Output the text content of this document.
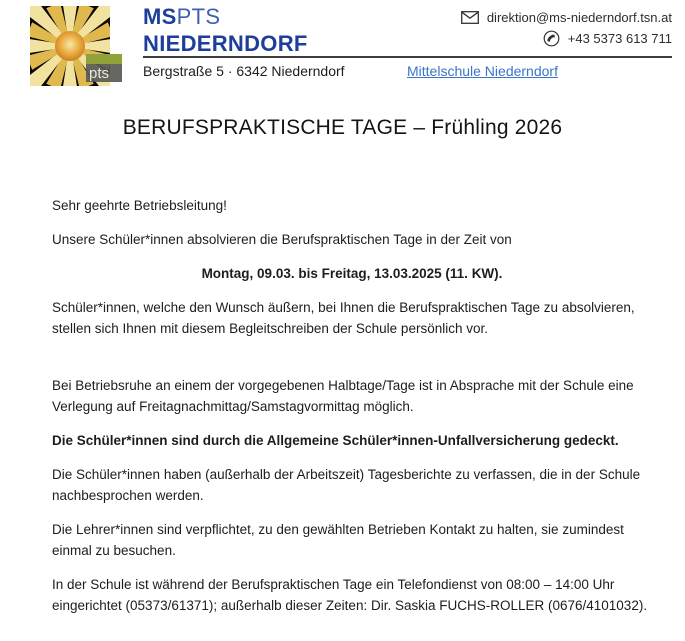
pts
MSPTS
NIEDERNDORF
direktion@ms-niederndorf.tsn.at
+43 5373 613 711
Bergstraße 5 · 6342 Niederndorf	Mittelschule Niederndorf
BERUFSPRAKTISCHE TAGE – Frühling 2026

Sehr geehrte Betriebsleitung!

Unsere Schüler*innen absolvieren die Berufspraktischen Tage in der Zeit von

Montag, 09.03. bis Freitag, 13.03.2025 (11. KW).

Schüler*innen, welche den Wunsch äußern, bei Ihnen die Berufspraktischen Tage zu absolvieren, stellen sich Ihnen mit diesem Begleitschreiben der Schule persönlich vor.

Bei Betriebsruhe an einem der vorgegebenen Halbtage/Tage ist in Absprache mit der Schule eine Verlegung auf Freitagnachmittag/Samstagvormittag möglich.

Die Schüler*innen sind durch die Allgemeine Schüler*innen-Unfallversicherung gedeckt.

Die Schüler*innen haben (außerhalb der Arbeitszeit) Tagesberichte zu verfassen, die in der Schule nachbesprochen werden.

Die Lehrer*innen sind verpflichtet, zu den gewählten Betrieben Kontakt zu halten, sie zumindest einmal zu besuchen.

In der Schule ist während der Berufspraktischen Tage ein Telefondienst von 08:00 – 14:00 Uhr eingerichtet (05373/61371); außerhalb dieser Zeiten: Dir. Saskia FUCHS-ROLLER (0676/4101032).
